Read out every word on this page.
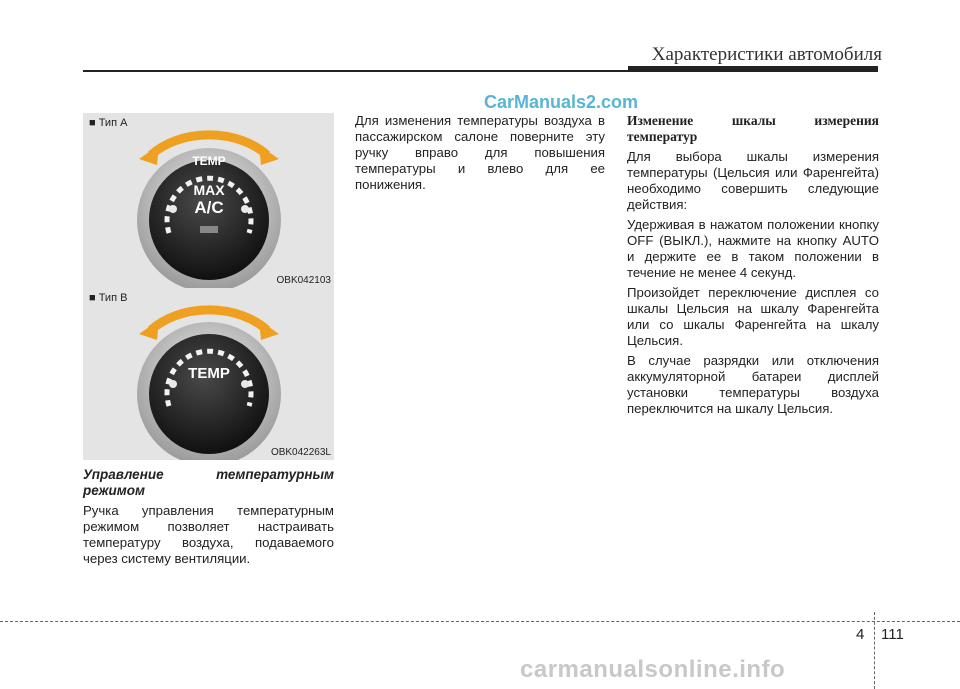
Характеристики автомобиля
CarManuals2.com
TEMP
MAX
A/C
■ Тип A
OBK042103
TEMP
■ Тип B
OBK042263L

Управление температурным режимом

Ручка управления температурным режимом позволяет настраивать температуру воздуха, подаваемого через систему вентиляции.

Для изменения температуры воздуха в пассажирском салоне поверните эту ручку вправо для повышения температуры и влево для ее понижения.

Изменение шкалы измерения температур

Для выбора шкалы измерения температуры (Цельсия или Фаренгейта) необходимо совершить следующие действия:

Удерживая в нажатом положении кнопку OFF (ВЫКЛ.), нажмите на кнопку AUTO и держите ее в таком положении в течение не менее 4 секунд.

Произойдет переключение дисплея со шкалы Цельсия на шкалу Фаренгейта или со шкалы Фаренгейта на шкалу Цельсия.

В случае разрядки или отключения аккумуляторной батареи дисплей установки температуры воздуха переключится на шкалу Цельсия.

4 111
carmanualsonline.info
